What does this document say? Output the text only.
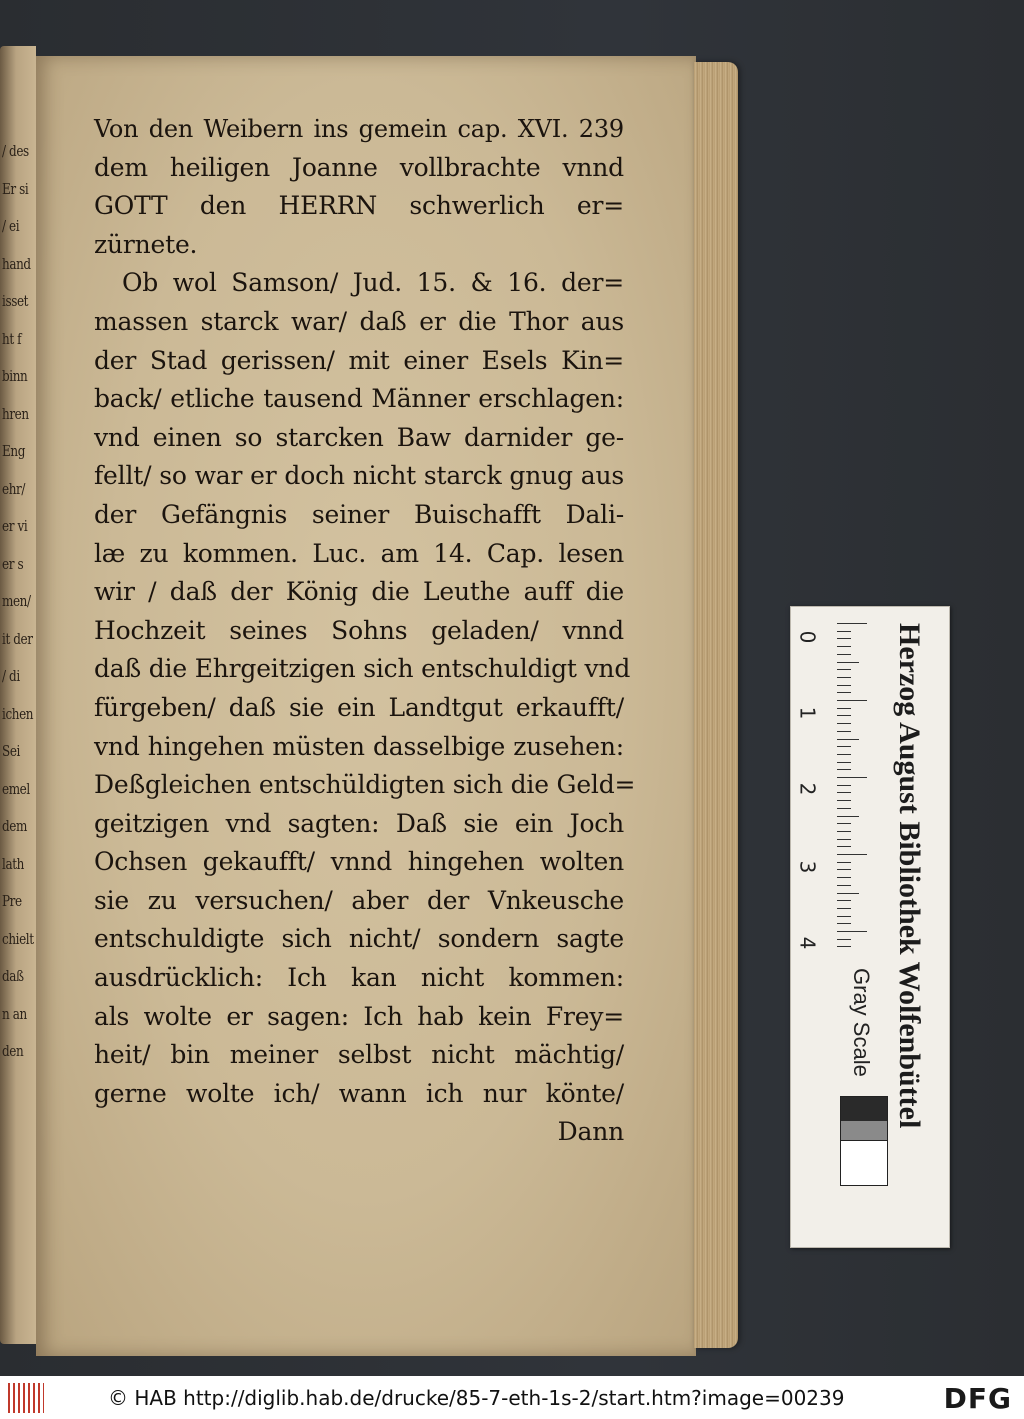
/ des
Er si
/ ei
hand
isset
ht f
binn
hren
Eng
ehr/
er vi
er s
men/
it der
/ di
ichen
Sei
emel
dem
lath
Pre
chielt
daß
n an
den
Von den Weibern ins gemein cap. XVI. 239
dem heiligen Joanne vollbrachte vnnd
GOTT den HERRN schwerlich er=
zürnete.
Ob wol Samson/ Jud. 15. & 16. der=
massen starck war/ daß er die Thor aus
der Stad gerissen/ mit einer Esels Kin=
back/ etliche tausend Männer erschlagen:
vnd einen so starcken Baw darnider ge-
fellt/ so war er doch nicht starck gnug aus
der Gefängnis seiner Buischafft Dali-
læ zu kommen. Luc. am 14. Cap. lesen
wir / daß der König die Leuthe auff die
Hochzeit seines Sohns geladen/ vnnd
daß die Ehrgeitzigen sich entschuldigt vnd
fürgeben/ daß sie ein Landtgut erkaufft/
vnd hingehen müsten dasselbige zusehen:
Deßgleichen entschüldigten sich die Geld=
geitzigen vnd sagten: Daß sie ein Joch
Ochsen gekaufft/ vnnd hingehen wolten
sie zu versuchen/ aber der Vnkeusche
entschuldigte sich nicht/ sondern sagte
ausdrücklich: Ich kan nicht kommen:
als wolte er sagen: Ich hab kein Frey=
heit/ bin meiner selbst nicht mächtig/
gerne wolte ich/ wann ich nur könte/
Dann
0
1
2
3
4 Herzog August Bibliothek Wolfenbüttel
Gray Scale
© HAB http://diglib.hab.de/drucke/85-7-eth-1s-2/start.htm?image=00239	DFG
